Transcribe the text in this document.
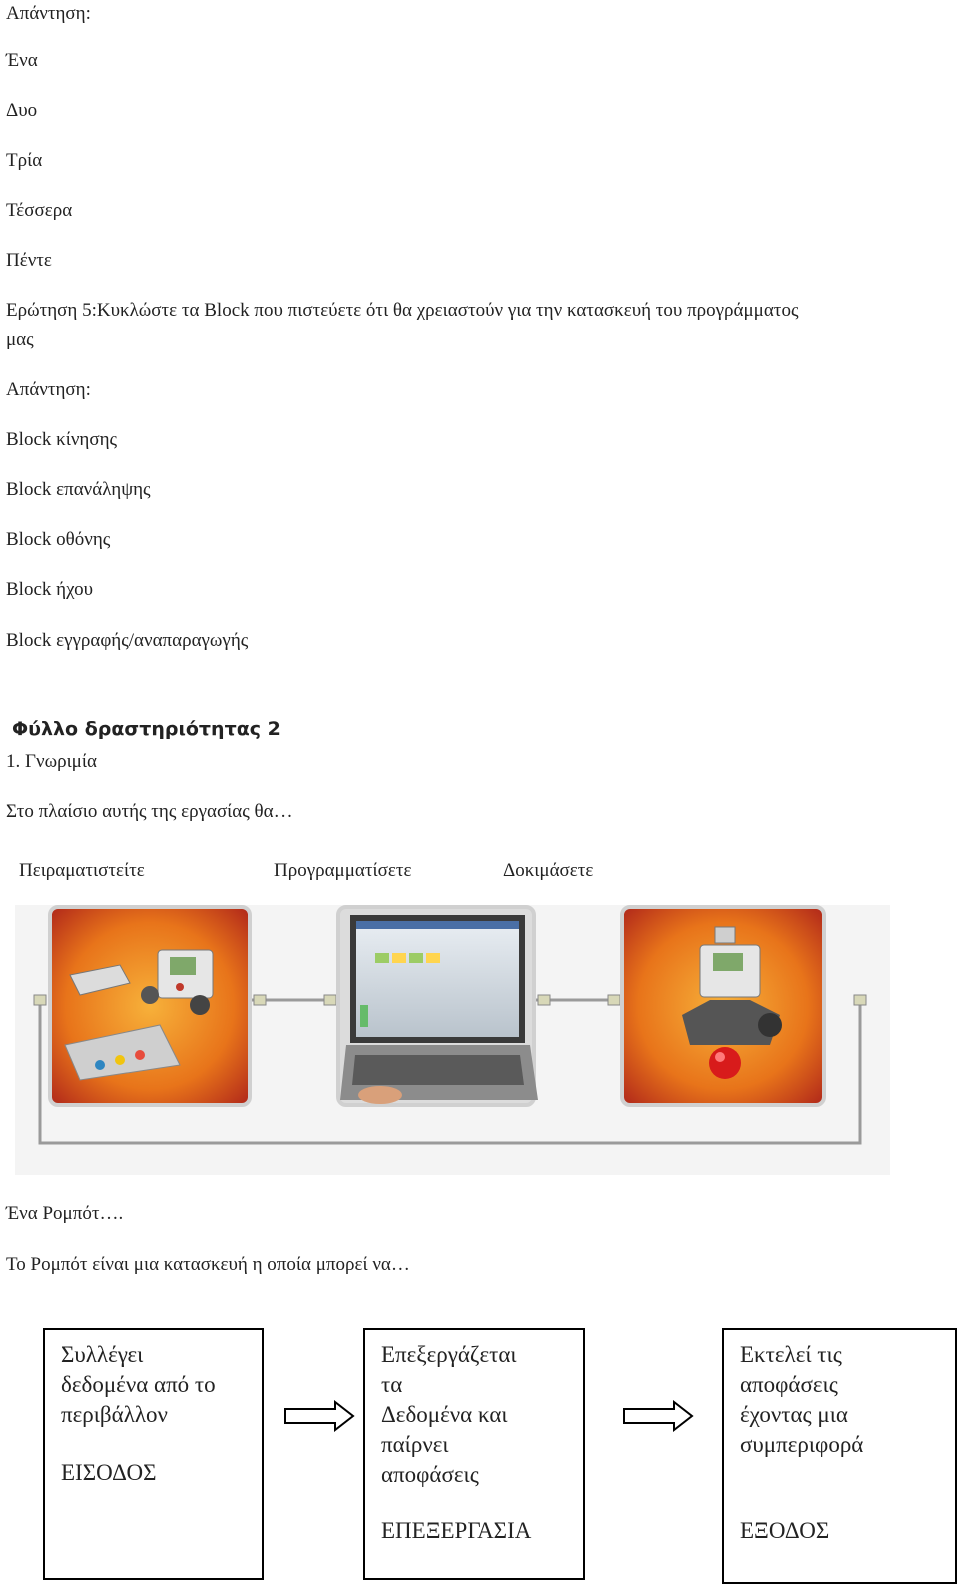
Απάντηση:
Ένα
Δυο
Τρία
Τέσσερα
Πέντε
Ερώτηση 5:Κυκλώστε τα Block που πιστεύετε ότι θα χρειαστούν για την κατασκευή του προγράμματος
μας
Απάντηση:
Block κίνησης
Block επανάληψης
Block οθόνης
Block ήχου
Block εγγραφής/αναπαραγωγής
Φύλλο δραστηριότητας 2
1. Γνωριμία
Στο πλαίσιο αυτής της εργασίας θα…
Πειραματιστείτε	Προγραμματίσετε	Δοκιμάσετε
Ένα Ρομπότ….
Το Ρομπότ είναι μια κατασκευή η οποία μπορεί να…

Συλλέγει

δεδομένα από το

περιβάλλον

ΕΙΣΟΔΟΣ

Επεξεργάζεται

τα

Δεδομένα και

παίρνει

αποφάσεις

ΕΠΕΞΕΡΓΑΣΙΑ

Εκτελεί τις

αποφάσεις

έχοντας μια

συμπεριφορά

ΕΞΟΔΟΣ
